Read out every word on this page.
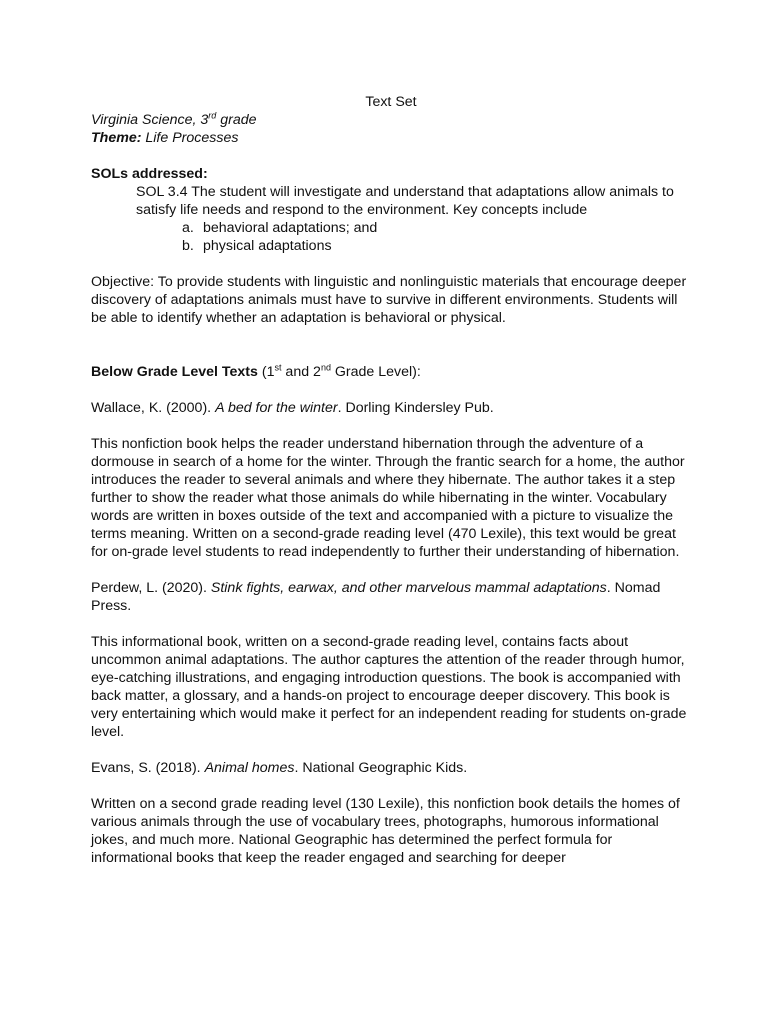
Text Set

Virginia Science, 3rd grade

Theme: Life Processes

SOLs addressed:

SOL 3.4 The student will investigate and understand that adaptations allow animals to satisfy life needs and respond to the environment. Key concepts include

a. behavioral adaptations; and
b. physical adaptations

Objective: To provide students with linguistic and nonlinguistic materials that encourage deeper discovery of adaptations animals must have to survive in different environments. Students will be able to identify whether an adaptation is behavioral or physical.

Below Grade Level Texts (1st and 2nd Grade Level):

Wallace, K. (2000). A bed for the winter. Dorling Kindersley Pub.

This nonfiction book helps the reader understand hibernation through the adventure of a dormouse in search of a home for the winter. Through the frantic search for a home, the author introduces the reader to several animals and where they hibernate. The author takes it a step further to show the reader what those animals do while hibernating in the winter. Vocabulary words are written in boxes outside of the text and accompanied with a picture to visualize the terms meaning. Written on a second-grade reading level (470 Lexile), this text would be great for on-grade level students to read independently to further their understanding of hibernation.

Perdew, L. (2020). Stink fights, earwax, and other marvelous mammal adaptations. Nomad Press.

This informational book, written on a second-grade reading level, contains facts about uncommon animal adaptations. The author captures the attention of the reader through humor, eye-catching illustrations, and engaging introduction questions. The book is accompanied with back matter, a glossary, and a hands-on project to encourage deeper discovery. This book is very entertaining which would make it perfect for an independent reading for students on-grade level.

Evans, S. (2018). Animal homes. National Geographic Kids.

Written on a second grade reading level (130 Lexile), this nonfiction book details the homes of various animals through the use of vocabulary trees, photographs, humorous informational jokes, and much more. National Geographic has determined the perfect formula for informational books that keep the reader engaged and searching for deeper
